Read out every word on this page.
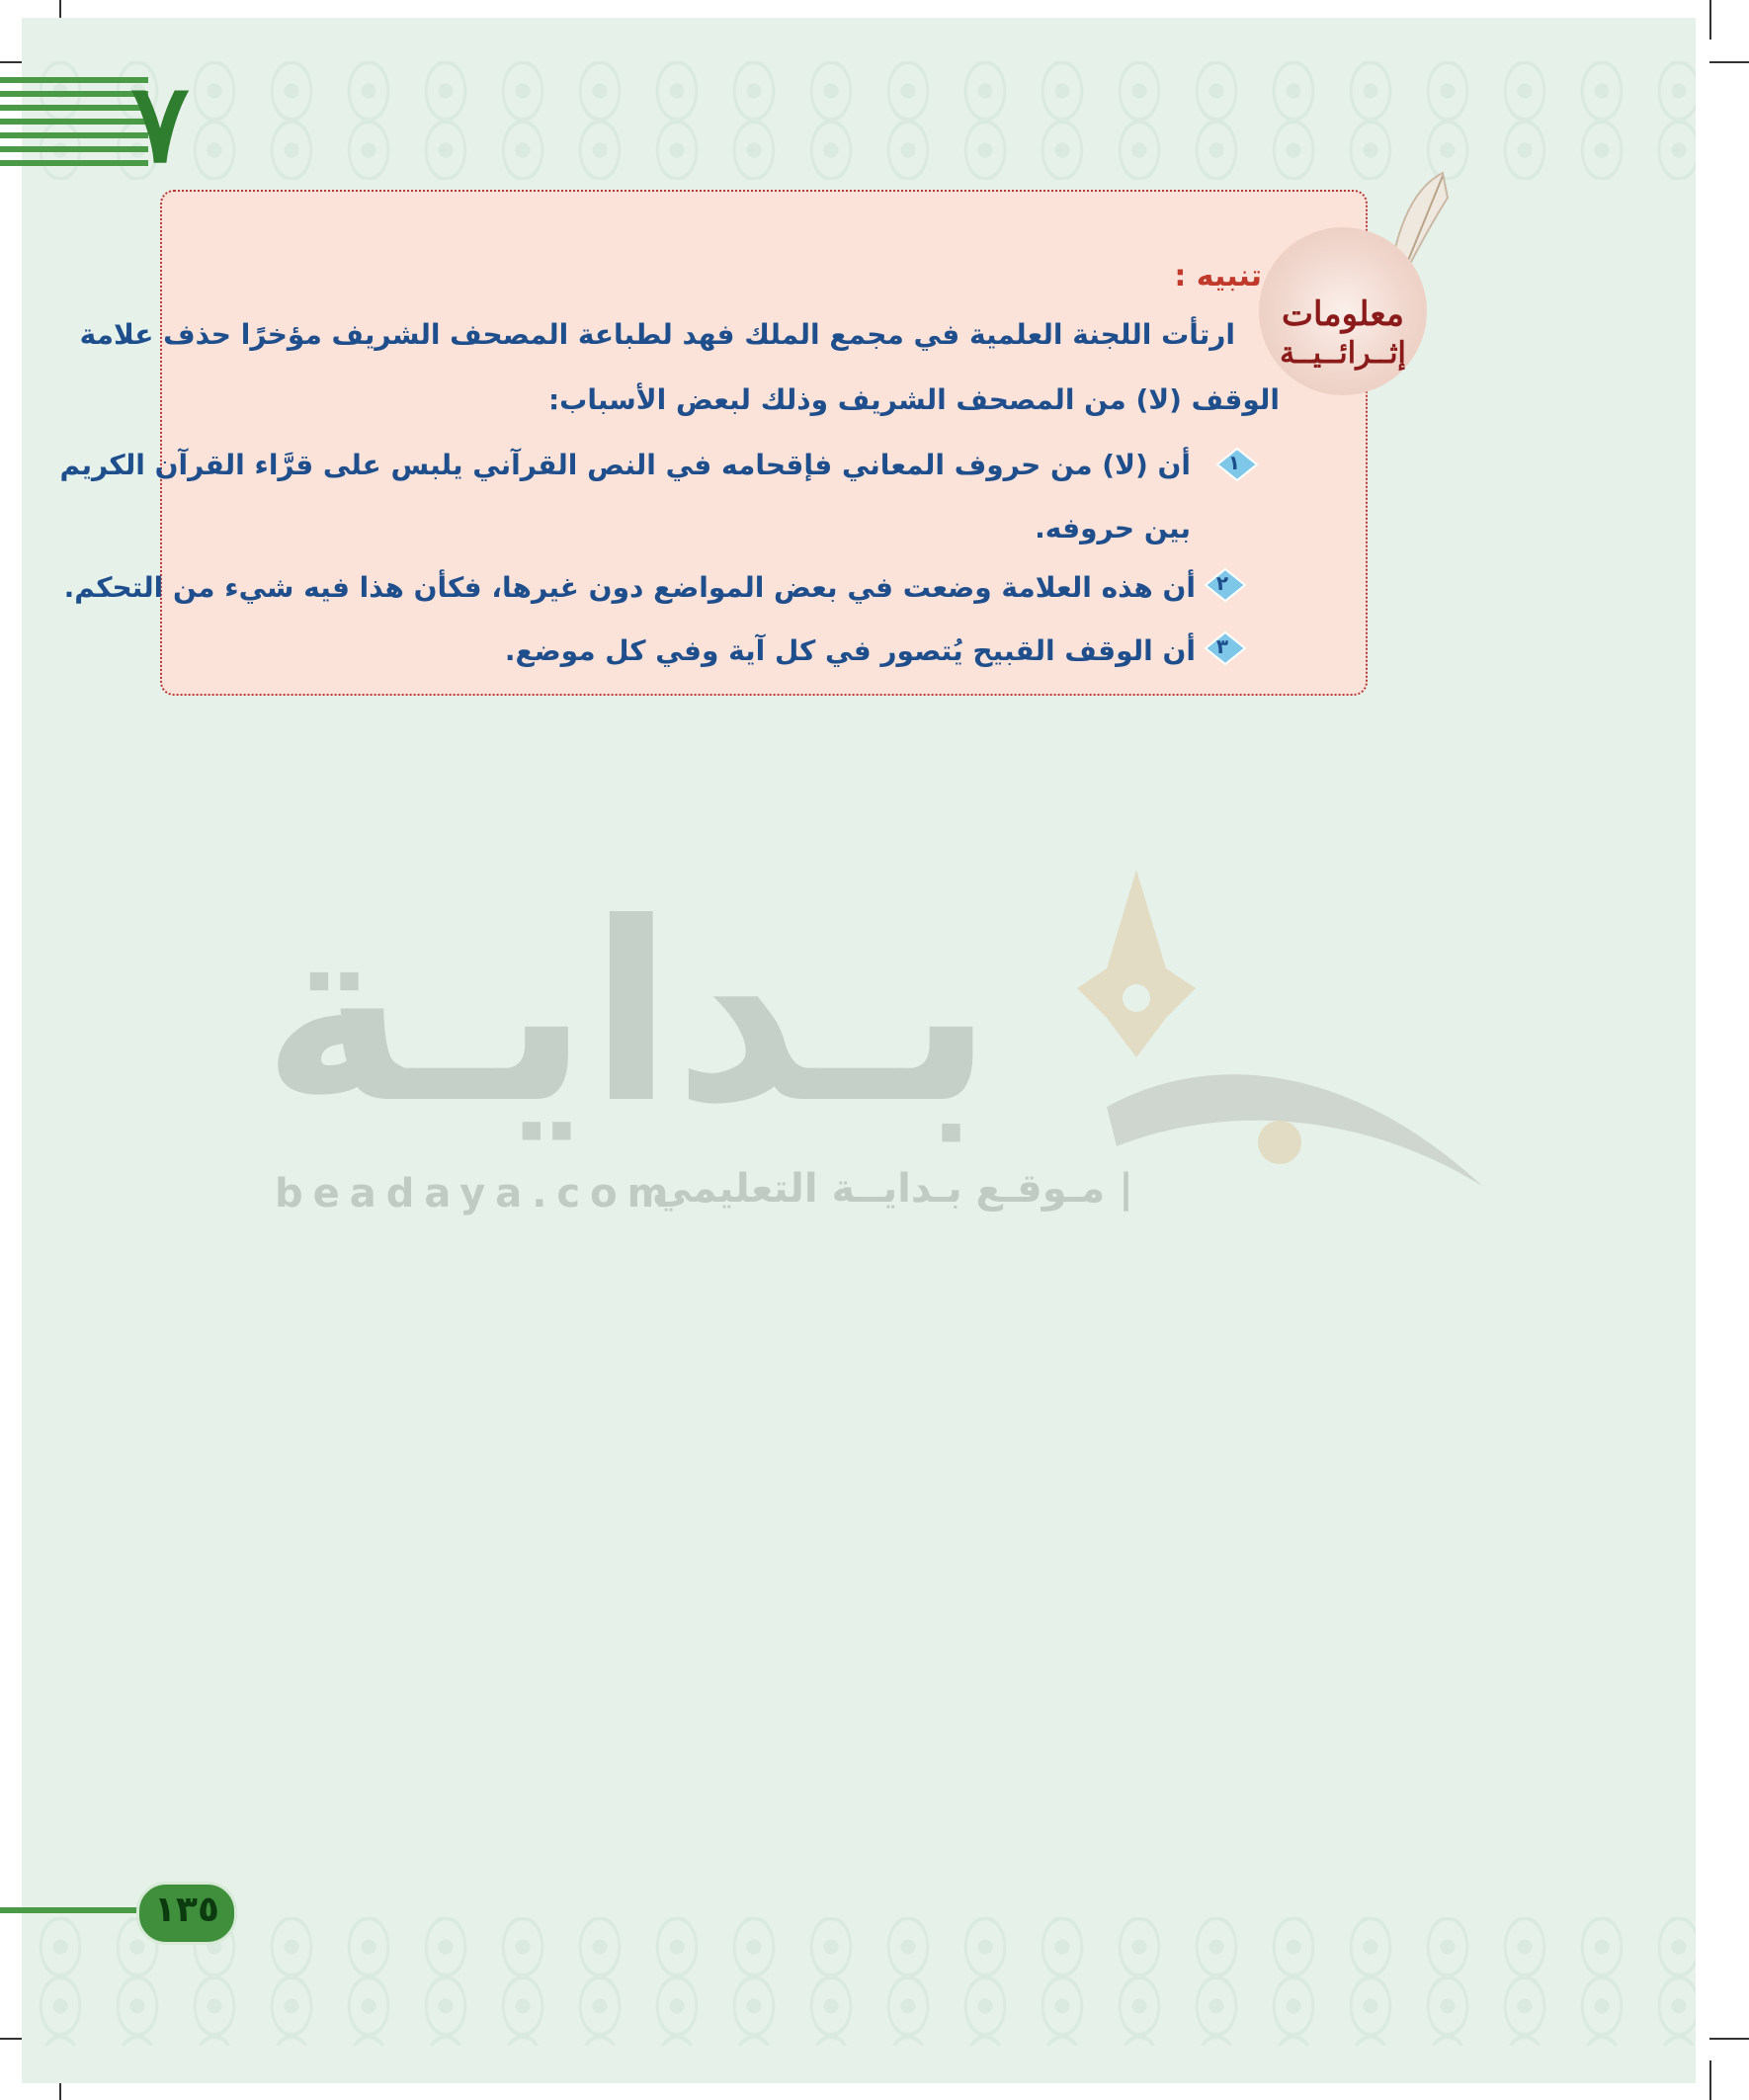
٧
معلومات
إثــرائــيــة
تنبيه :
ارتأت اللجنة العلمية في مجمع الملك فهد لطباعة المصحف الشريف مؤخرًا حذف علامة
الوقف (لا) من المصحف الشريف وذلك لبعض الأسباب:
١
أن (لا) من حروف المعاني فإقحامه في النص القرآني يلبس على قرَّاء القرآن الكريم
بين حروفه.
٢
أن هذه العلامة وضعت في بعض المواضع دون غيرها، فكأن هذا فيه شيء من التحكم.
٣
أن الوقف القبيح يُتصور في كل آية وفي كل موضع.
بـدايـة
beadaya.com	| مـوقـع بـدايــة التعليمي
١٣٥
